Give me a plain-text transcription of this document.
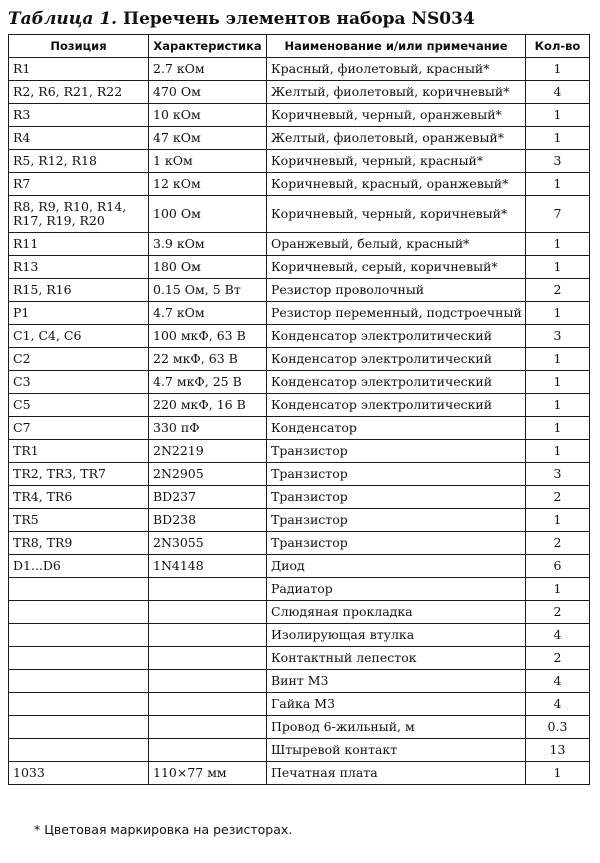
Таблица 1. Перечень элементов набора NS034
Позиция	Характеристика	Наименование и/или примечание	Кол-во
R1	2.7 кОм	Красный, фиолетовый, красный*	1
R2, R6, R21, R22	470 Ом	Желтый, фиолетовый, коричневый*	4
R3	10 кОм	Коричневый, черный, оранжевый*	1
R4	47 кОм	Желтый, фиолетовый, оранжевый*	1
R5, R12, R18	1 кОм	Коричневый, черный, красный*	3
R7	12 кОм	Коричневый, красный, оранжевый*	1
R8, R9, R10, R14, R17, R19, R20	100 Ом	Коричневый, черный, коричневый*	7
R11	3.9 кОм	Оранжевый, белый, красный*	1
R13	180 Ом	Коричневый, серый, коричневый*	1
R15, R16	0.15 Ом, 5 Вт	Резистор проволочный	2
P1	4.7 кОм	Резистор переменный, подстроечный	1
C1, C4, C6	100 мкФ, 63 В	Конденсатор электролитический	3
C2	22 мкФ, 63 В	Конденсатор электролитический	1
C3	4.7 мкФ, 25 В	Конденсатор электролитический	1
C5	220 мкФ, 16 В	Конденсатор электролитический	1
C7	330 пФ	Конденсатор	1
TR1	2N2219	Транзистор	1
TR2, TR3, TR7	2N2905	Транзистор	3
TR4, TR6	BD237	Транзистор	2
TR5	BD238	Транзистор	1
TR8, TR9	2N3055	Транзистор	2
D1...D6	1N4148	Диод	6
		Радиатор	1
		Слюдяная прокладка	2
		Изолирующая втулка	4
		Контактный лепесток	2
		Винт М3	4
		Гайка М3	4
		Провод 6-жильный, м	0.3
		Штыревой контакт	13
1033	110×77 мм	Печатная плата	1
* Цветовая маркировка на резисторах.
